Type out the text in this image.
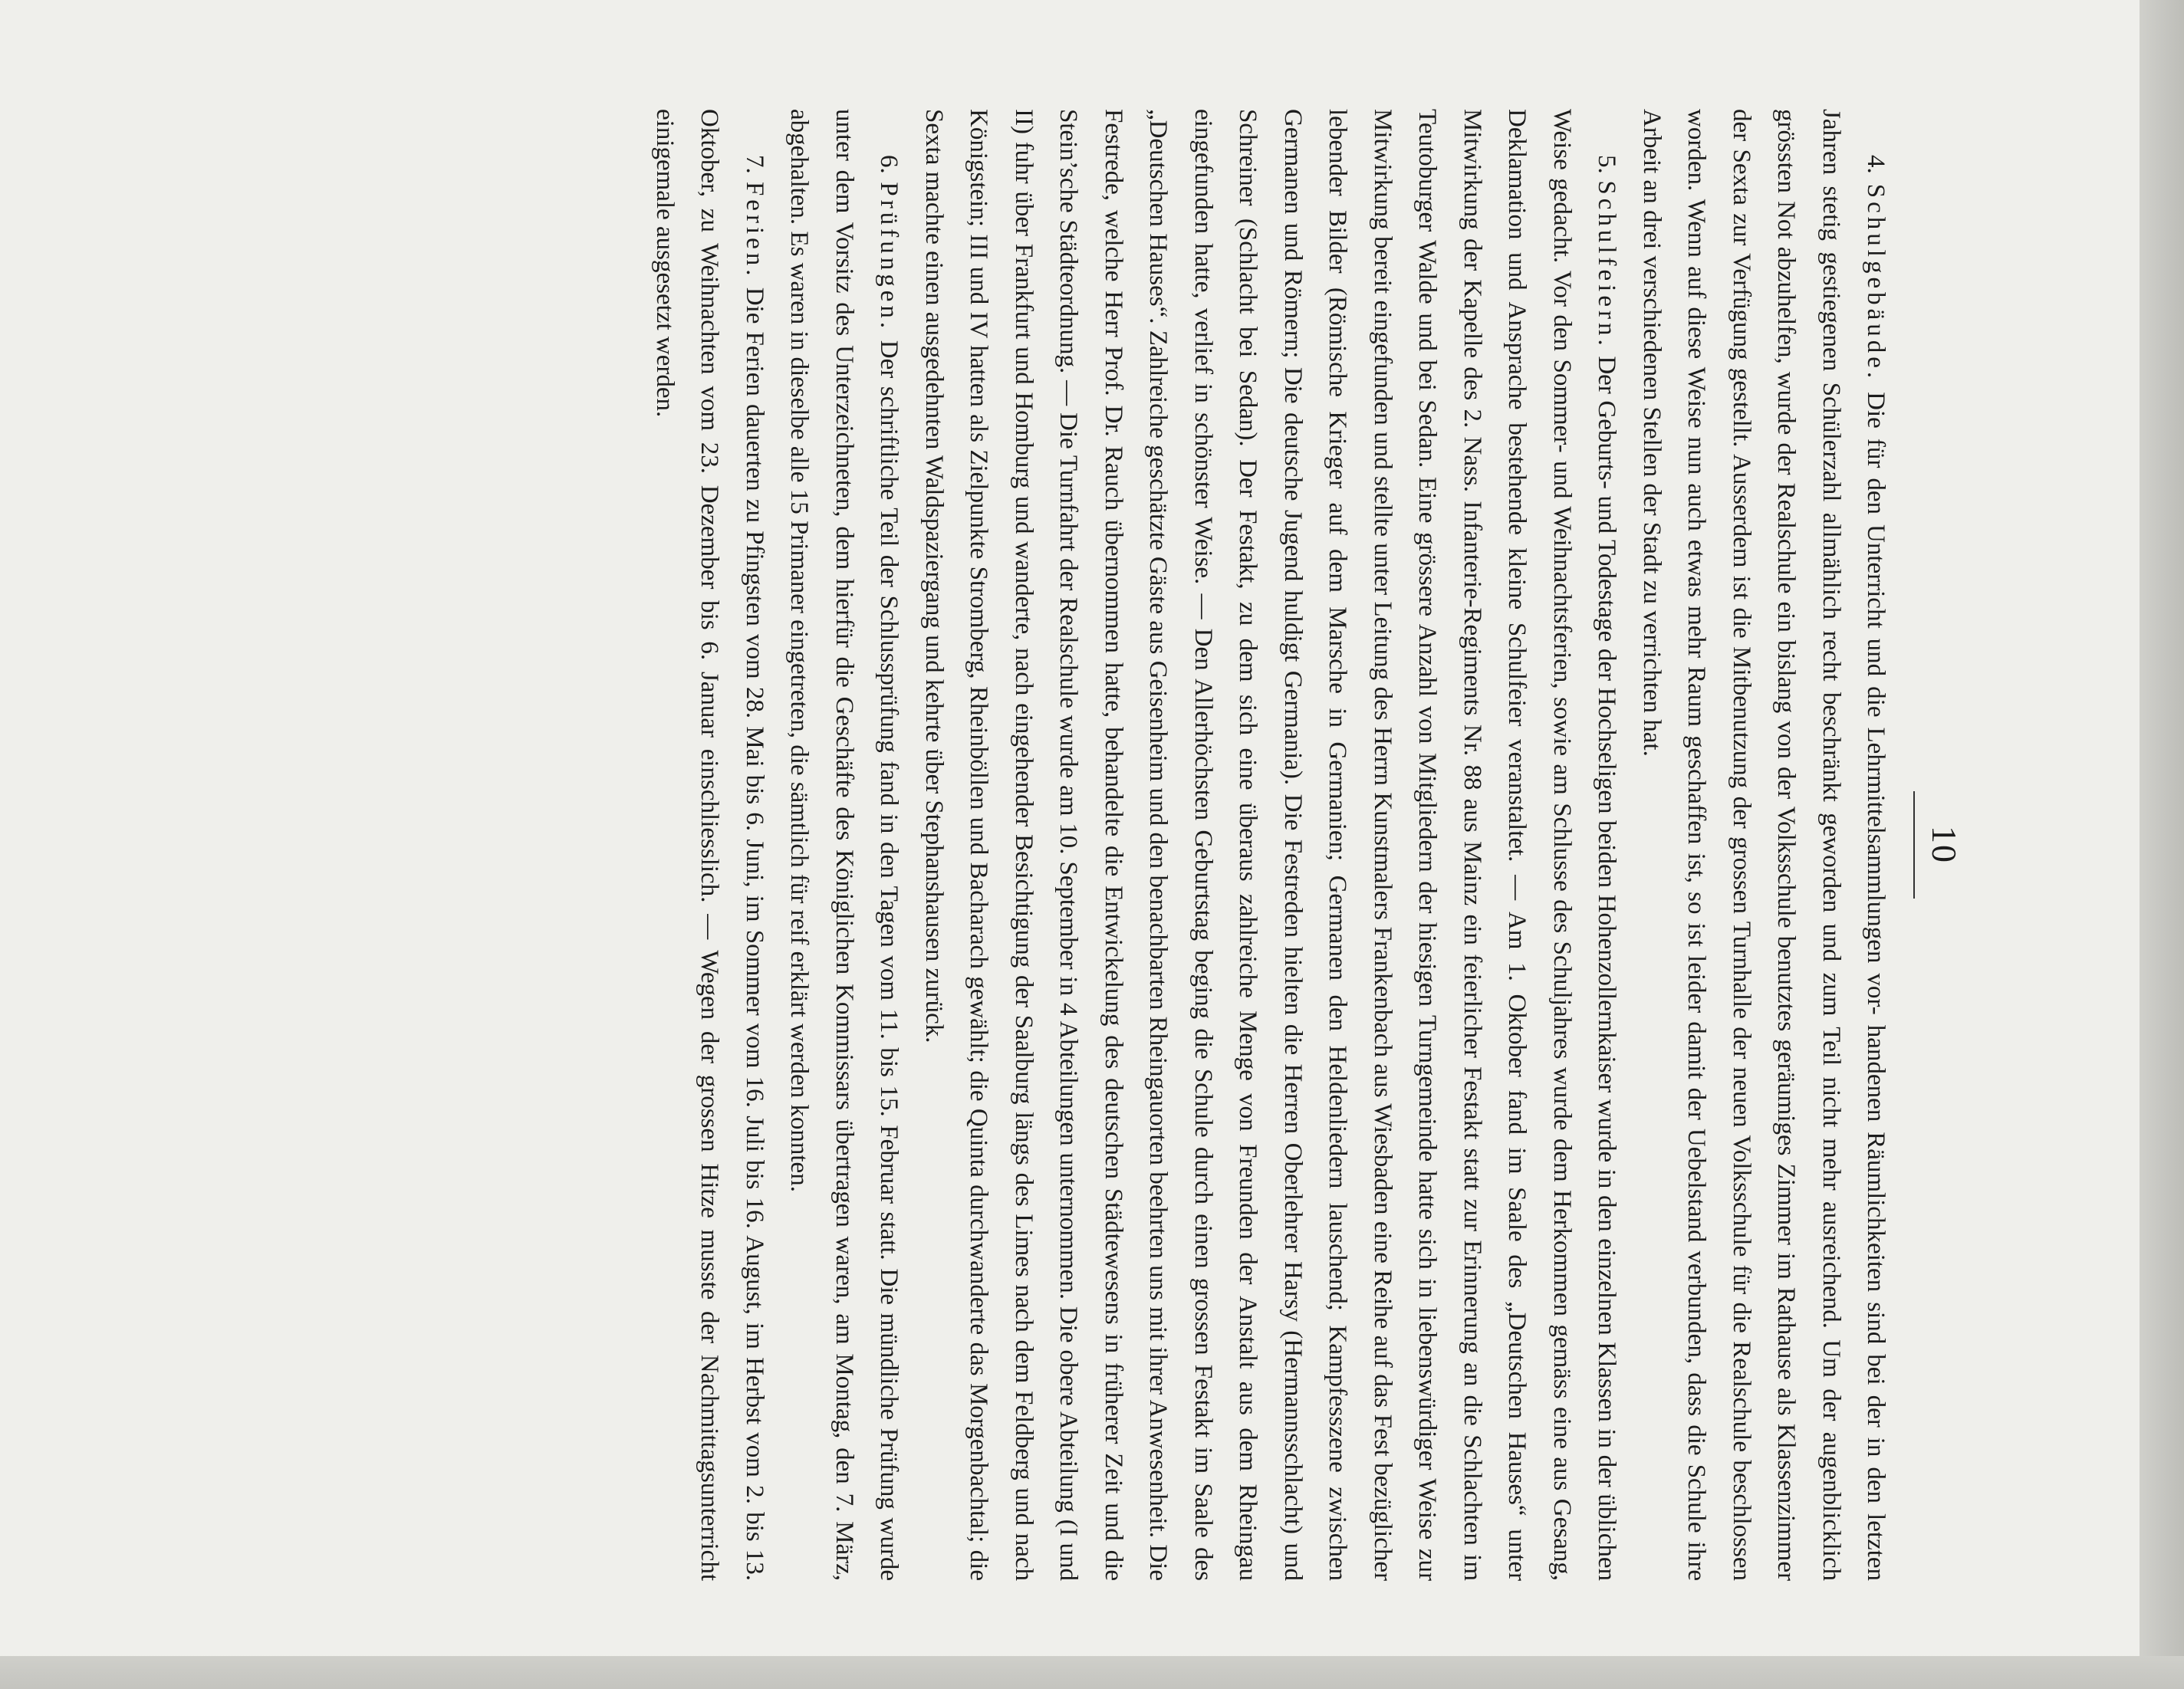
10

4. Schulgebäude. Die für den Unterricht und die Lehrmittelsammlungen vor- handenen Räumlichkeiten sind bei der in den letzten Jahren stetig gestiegenen Schülerzahl allmählich recht beschränkt geworden und zum Teil nicht mehr ausreichend. Um der augenblicklich grössten Not abzuhelfen, wurde der Realschule ein bislang von der Volksschule benutztes geräumiges Zimmer im Rathause als Klassenzimmer der Sexta zur Verfügung gestellt. Ausserdem ist die Mitbenutzung der grossen Turnhalle der neuen Volksschule für die Realschule beschlossen worden. Wenn auf diese Weise nun auch etwas mehr Raum geschaffen ist, so ist leider damit der Uebelstand verbunden, dass die Schule ihre Arbeit an drei verschiedenen Stellen der Stadt zu verrichten hat.

5. Schulfeiern. Der Geburts- und Todestage der Hochseligen beiden Hohenzollernkaiser wurde in den einzelnen Klassen in der üblichen Weise gedacht. Vor den Sommer- und Weihnachtsferien, sowie am Schlusse des Schuljahres wurde dem Herkommen gemäss eine aus Gesang, Deklamation und Ansprache bestehende kleine Schulfeier veranstaltet. — Am 1. Oktober fand im Saale des „Deutschen Hauses“ unter Mitwirkung der Kapelle des 2. Nass. Infanterie-Regiments Nr. 88 aus Mainz ein feierlicher Festakt statt zur Erinnerung an die Schlachten im Teutoburger Walde und bei Sedan. Eine grössere Anzahl von Mitgliedern der hiesigen Turngemeinde hatte sich in liebenswürdiger Weise zur Mitwirkung bereit eingefunden und stellte unter Leitung des Herrn Kunstmalers Frankenbach aus Wiesbaden eine Reihe auf das Fest bezüglicher lebender Bilder (Römische Krieger auf dem Marsche in Germanien; Germanen den Heldenliedern lauschend; Kampfesszene zwischen Germanen und Römern; Die deutsche Jugend huldigt Germania). Die Festreden hielten die Herren Oberlehrer Harsy (Hermannsschlacht) und Schreiner (Schlacht bei Sedan). Der Festakt, zu dem sich eine überaus zahlreiche Menge von Freunden der Anstalt aus dem Rheingau eingefunden hatte, verlief in schönster Weise. — Den Allerhöchsten Geburtstag beging die Schule durch einen grossen Festakt im Saale des „Deutschen Hauses“. Zahlreiche geschätzte Gäste aus Geisenheim und den benachbarten Rheingauorten beehrten uns mit ihrer Anwesenheit. Die Festrede, welche Herr Prof. Dr. Rauch übernommen hatte, behandelte die Entwickelung des deutschen Städtewesens in früherer Zeit und die Stein’sche Städteordnung. — Die Turnfahrt der Realschule wurde am 10. September in 4 Abteilungen unternommen. Die obere Abteilung (I und II) fuhr über Frankfurt und Homburg und wanderte, nach eingehender Besichtigung der Saalburg längs des Limes nach dem Feldberg und nach Königstein; III und IV hatten als Zielpunkte Stromberg, Rheinböllen und Bacharach gewählt; die Quinta durchwanderte das Morgenbachtal; die Sexta machte einen ausgedehnten Waldspaziergang und kehrte über Stephanshausen zurück.

6. Prüfungen. Der schriftliche Teil der Schlussprüfung fand in den Tagen vom 11. bis 15. Februar statt. Die mündliche Prüfung wurde unter dem Vorsitz des Unterzeichneten, dem hierfür die Geschäfte des Königlichen Kommissars übertragen waren, am Montag, den 7. März, abgehalten. Es waren in dieselbe alle 15 Primaner eingetreten, die sämtlich für reif erklärt werden konnten.

7. Ferien. Die Ferien dauerten zu Pfingsten vom 28. Mai bis 6. Juni, im Sommer vom 16. Juli bis 16. August, im Herbst vom 2. bis 13. Oktober, zu Weihnachten vom 23. Dezember bis 6. Januar einschliesslich. — Wegen der grossen Hitze musste der Nachmittagsunterricht einigemale ausgesetzt werden.
